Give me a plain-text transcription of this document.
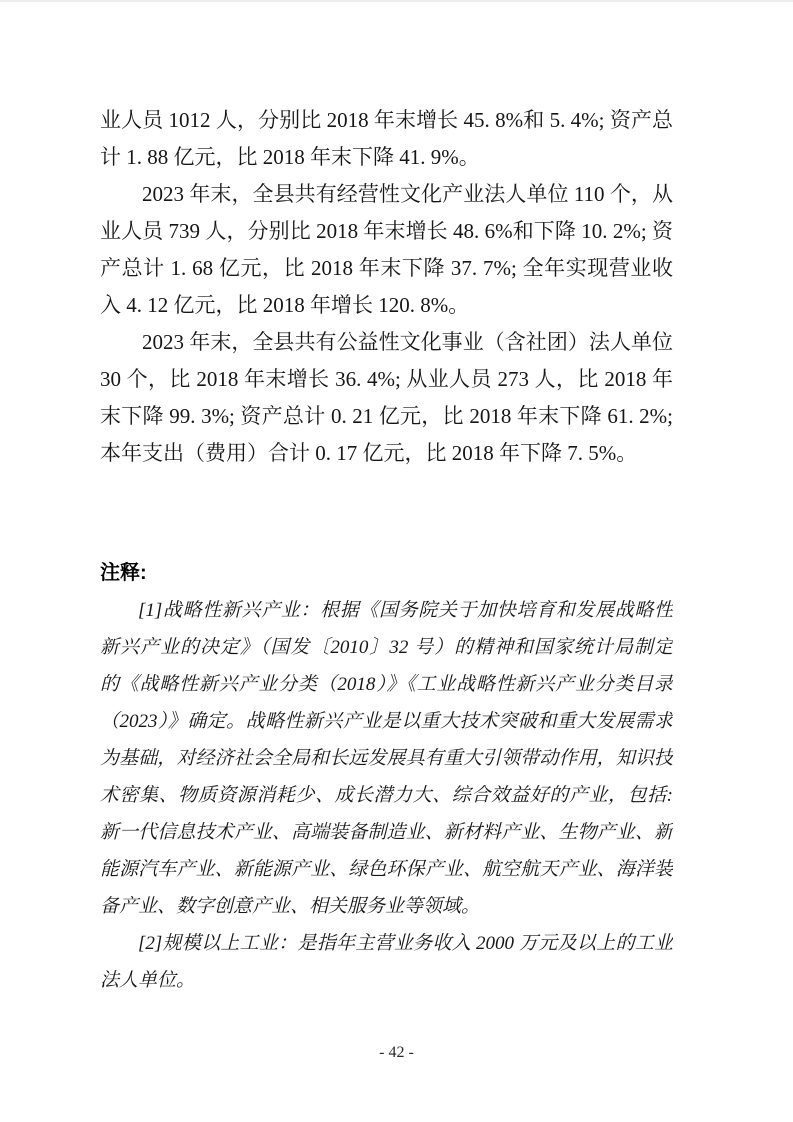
业人员 1012 人，分别比 2018 年末增长 45. 8%和 5. 4%; 资产总
计 1. 88 亿元，比 2018 年末下降 41. 9%。
2023 年末，全县共有经营性文化产业法人单位 110 个，从
业人员 739 人，分别比 2018 年末增长 48. 6%和下降 10. 2%; 资
产总计 1. 68 亿元，比 2018 年末下降 37. 7%; 全年实现营业收
入 4. 12 亿元，比 2018 年增长 120. 8%。
2023 年末，全县共有公益性文化事业（含社团）法人单位
30 个，比 2018 年末增长 36. 4%; 从业人员 273 人，比 2018 年
末下降 99. 3%; 资产总计 0. 21 亿元，比 2018 年末下降 61. 2%;
本年支出（费用）合计 0. 17 亿元，比 2018 年下降 7. 5%。
注释:
[1]战略性新兴产业：根据《国务院关于加快培育和发展战略性
新兴产业的决定》（国发〔2010〕32 号）的精神和国家统计局制定
的《战略性新兴产业分类（2018）》《工业战略性新兴产业分类目录
（2023）》确定。战略性新兴产业是以重大技术突破和重大发展需求
为基础，对经济社会全局和长远发展具有重大引领带动作用，知识技
术密集、物质资源消耗少、成长潜力大、综合效益好的产业，包括:
新一代信息技术产业、高端装备制造业、新材料产业、生物产业、新
能源汽车产业、新能源产业、绿色环保产业、航空航天产业、海洋装
备产业、数字创意产业、相关服务业等领域。
[2]规模以上工业：是指年主营业务收入 2000 万元及以上的工业
法人单位。
- 42 -
